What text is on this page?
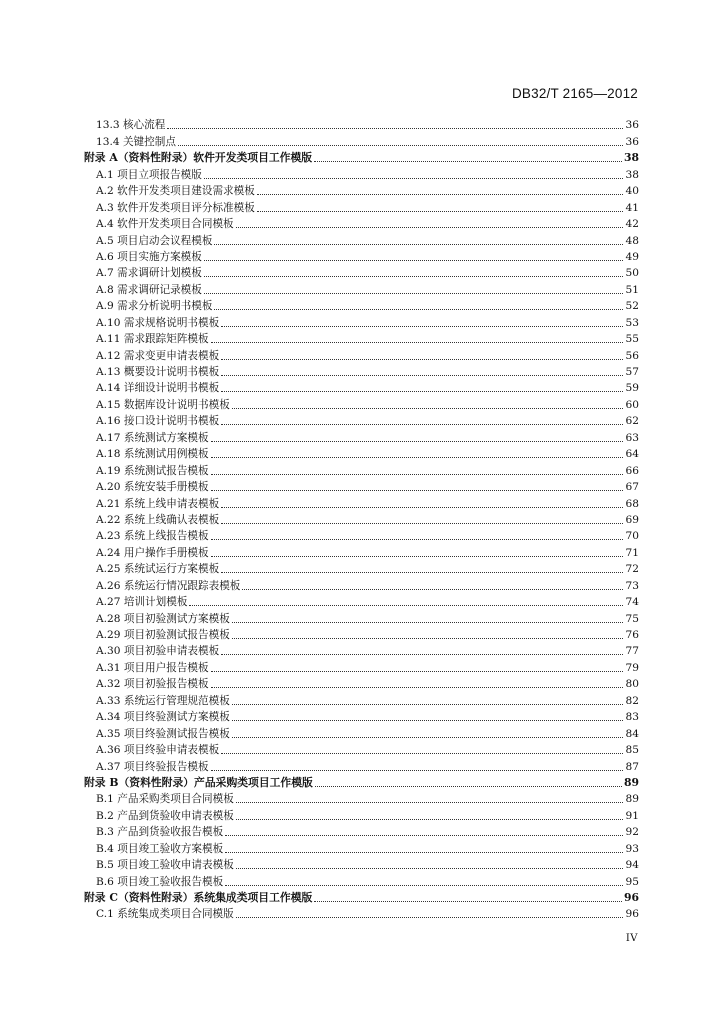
DB32/T 2165—2012
13.3 核心流程	36
13.4 关键控制点	36
附录 A（资料性附录）软件开发类项目工作模版	38
A.1 项目立项报告模版	38
A.2 软件开发类项目建设需求模板	40
A.3 软件开发类项目评分标准模板	41
A.4 软件开发类项目合同模板	42
A.5 项目启动会议程模板	48
A.6 项目实施方案模板	49
A.7 需求调研计划模板	50
A.8 需求调研记录模板	51
A.9 需求分析说明书模板	52
A.10 需求规格说明书模板	53
A.11 需求跟踪矩阵模板	55
A.12 需求变更申请表模板	56
A.13 概要设计说明书模板	57
A.14 详细设计说明书模板	59
A.15 数据库设计说明书模板	60
A.16 接口设计说明书模板	62
A.17 系统测试方案模板	63
A.18 系统测试用例模板	64
A.19 系统测试报告模板	66
A.20 系统安装手册模板	67
A.21 系统上线申请表模板	68
A.22 系统上线确认表模板	69
A.23 系统上线报告模板	70
A.24 用户操作手册模板	71
A.25 系统试运行方案模板	72
A.26 系统运行情况跟踪表模板	73
A.27 培训计划模板	74
A.28 项目初验测试方案模板	75
A.29 项目初验测试报告模板	76
A.30 项目初验申请表模板	77
A.31 项目用户报告模板	79
A.32 项目初验报告模板	80
A.33 系统运行管理规范模板	82
A.34 项目终验测试方案模板	83
A.35 项目终验测试报告模板	84
A.36 项目终验申请表模板	85
A.37 项目终验报告模板	87
附录 B（资料性附录）产品采购类项目工作模版	89
B.1 产品采购类项目合同模板	89
B.2 产品到货验收申请表模板	91
B.3 产品到货验收报告模板	92
B.4 项目竣工验收方案模板	93
B.5 项目竣工验收申请表模板	94
B.6 项目竣工验收报告模板	95
附录 C（资料性附录）系统集成类项目工作模版	96
C.1 系统集成类项目合同模版	96
IV
